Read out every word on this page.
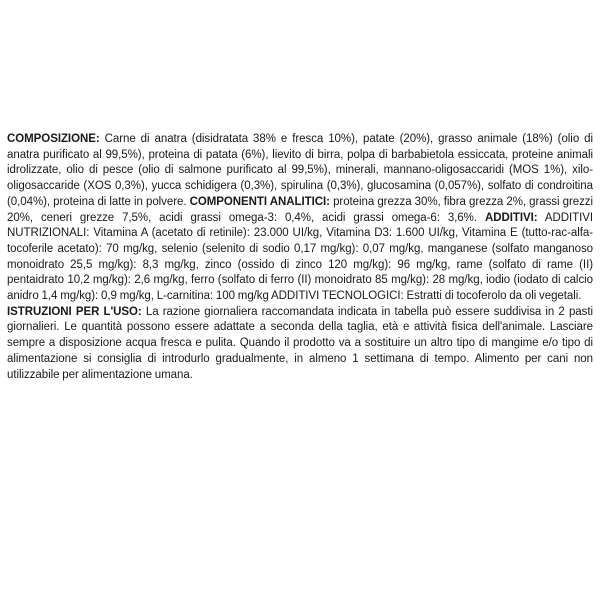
COMPOSIZIONE: Carne di anatra (disidratata 38% e fresca 10%), patate (20%), grasso animale (18%) (olio di anatra purificato al 99,5%), proteina di patata (6%), lievito di birra, polpa di barbabietola essiccata, proteine animali idrolizzate, olio di pesce (olio di salmone purificato al 99,5%), minerali, mannano-oligosaccaridi (MOS 1%), xilo-oligosaccaride (XOS 0,3%), yucca schidigera (0,3%), spirulina (0,3%), glucosamina (0,057%), solfato di condroitina (0,04%), proteina di latte in polvere. COMPONENTI ANALITICI: proteina grezza 30%, fibra grezza 2%, grassi grezzi 20%, ceneri grezze 7,5%, acidi grassi omega-3: 0,4%, acidi grassi omega-6: 3,6%. ADDITIVI: ADDITIVI NUTRIZIONALI: Vitamina A (acetato di retinile): 23.000 UI/kg, Vitamina D3: 1.600 UI/kg, Vitamina E (tutto-rac-alfa-tocoferile acetato): 70 mg/kg, selenio (selenito di sodio 0,17 mg/kg): 0,07 mg/kg, manganese (solfato manganoso monoidrato 25,5 mg/kg): 8,3 mg/kg, zinco (ossido di zinco 120 mg/kg): 96 mg/kg, rame (solfato di rame (II) pentaidrato 10,2 mg/kg): 2,6 mg/kg, ferro (solfato di ferro (II) monoidrato 85 mg/kg): 28 mg/kg, iodio (iodato di calcio anidro 1,4 mg/kg): 0,9 mg/kg, L-carnitina: 100 mg/kg ADDITIVI TECNOLOGICI: Estratti di tocoferolo da oli vegetali.

ISTRUZIONI PER L'USO: La razione giornaliera raccomandata indicata in tabella può essere suddivisa in 2 pasti giornalieri. Le quantità possono essere adattate a seconda della taglia, età e attività fisica dell'animale. Lasciare sempre a disposizione acqua fresca e pulita. Quando il prodotto va a sostituire un altro tipo di mangime e/o tipo di alimentazione si consiglia di introdurlo gradualmente, in almeno 1 settimana di tempo. Alimento per cani non utilizzabile per alimentazione umana.
